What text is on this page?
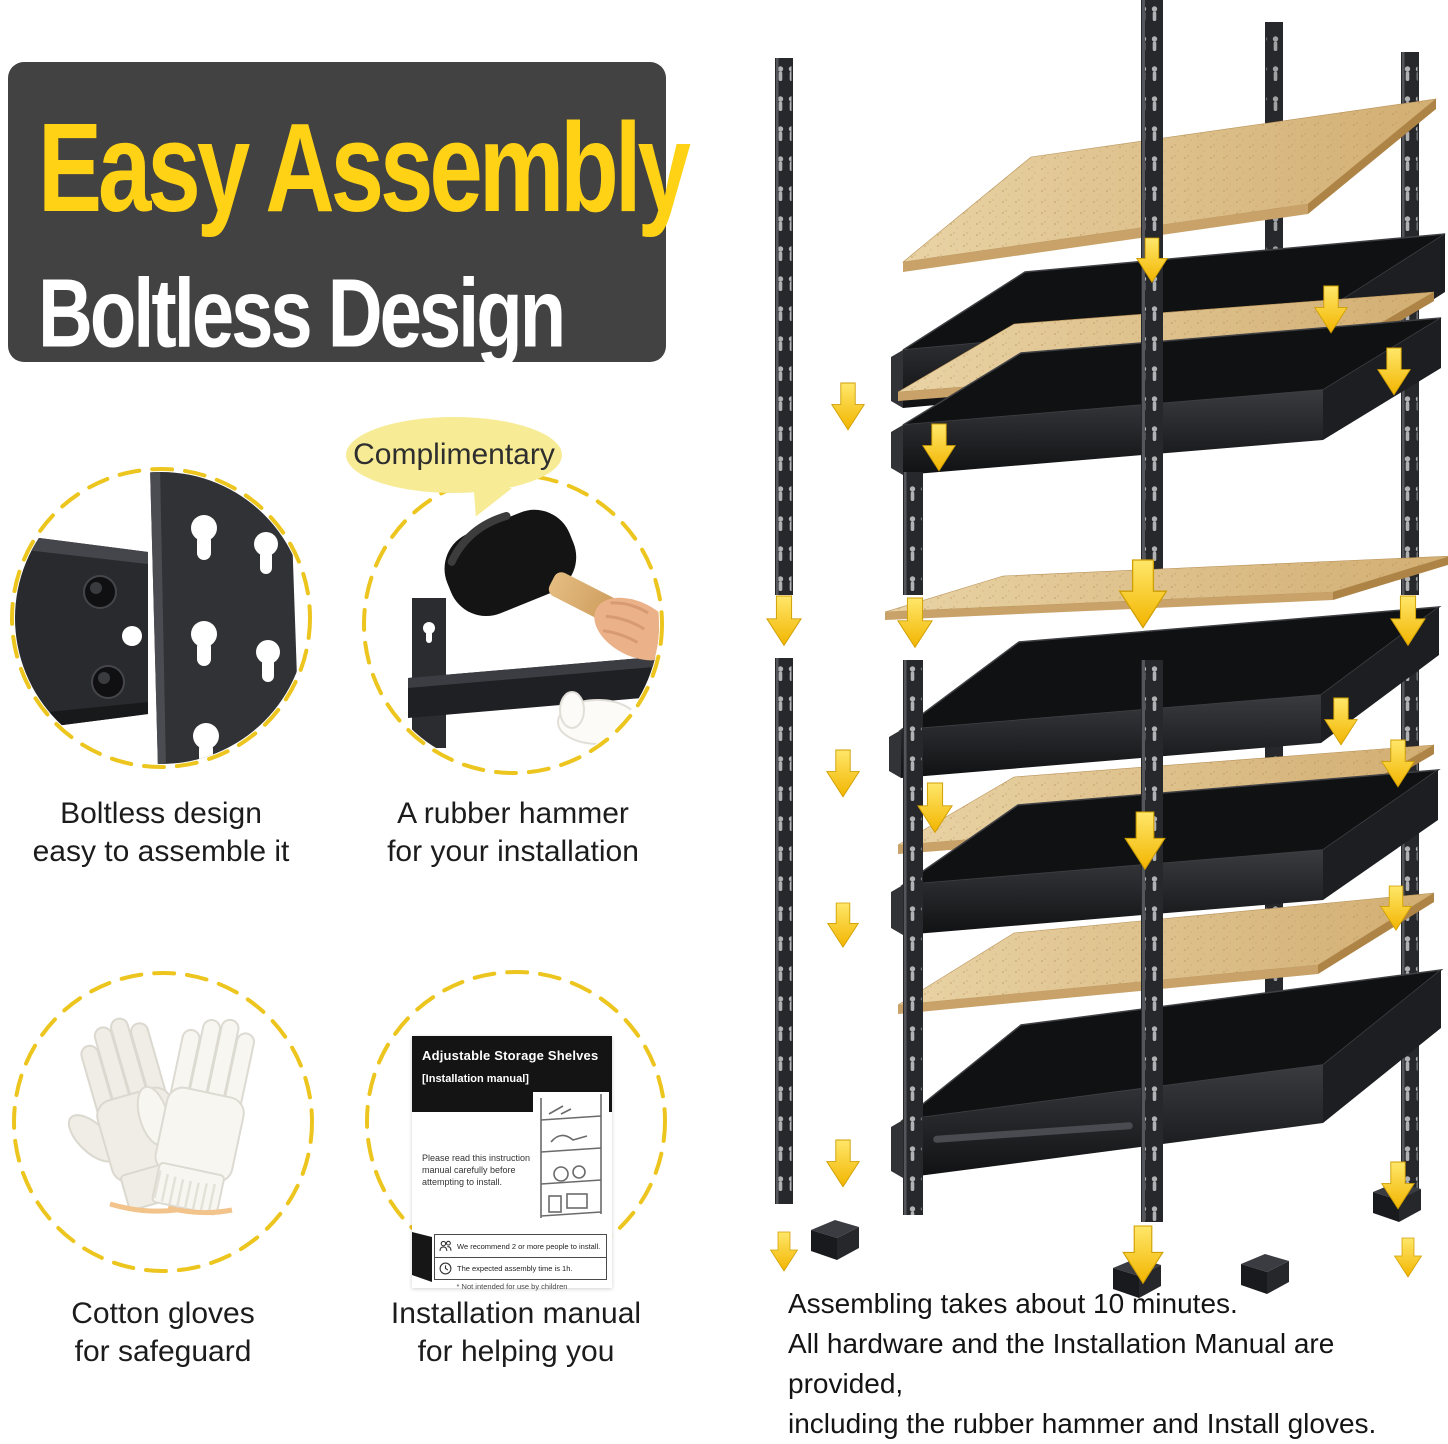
Easy Assembly
Boltless Design
Boltless design
easy to assemble it
Complimentary
A rubber hammer
for your installation
Cotton gloves
for safeguard
Adjustable Storage Shelves
[Installation manual]
Please read this instruction manual carefully before attempting to install.
We recommend 2 or more people to install.
The expected assembly time is 1h.
* Not intended for use by children
Installation manual
for helping you
Assembling takes about 10 minutes.
All hardware and the Installation Manual are provided,
including the rubber hammer and Install gloves.
